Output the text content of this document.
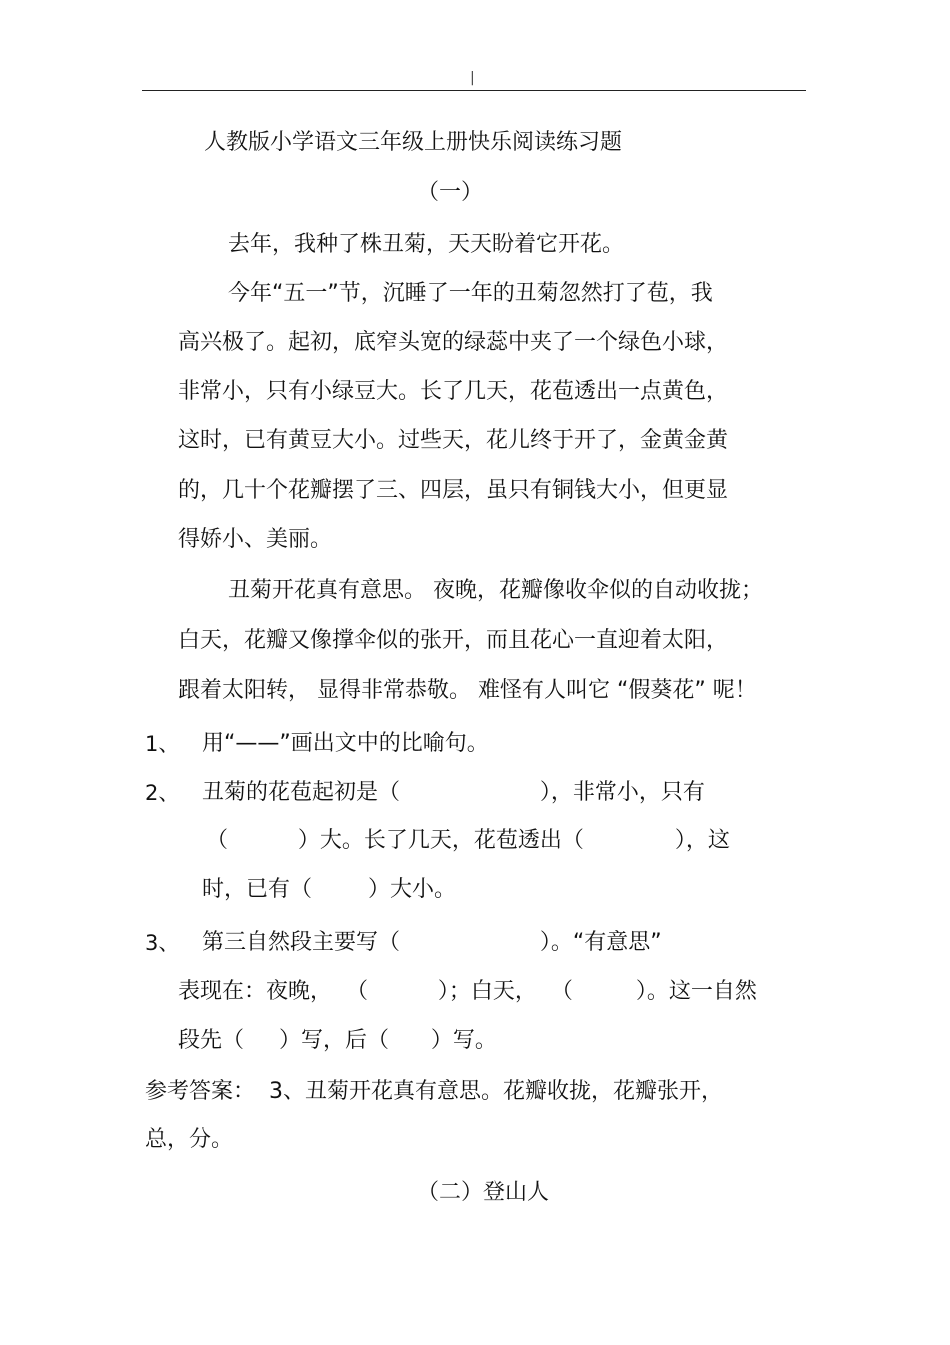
|
人教版小学语文三年级上册快乐阅读练习题
（一）
去年，我种了株丑菊，天天盼着它开花。
今年“五一”节，沉睡了一年的丑菊忽然打了苞，我
高兴极了。起初，底窄头宽的绿蕊中夹了一个绿色小球，
非常小，只有小绿豆大。长了几天，花苞透出一点黄色，
这时，已有黄豆大小。过些天，花儿终于开了，金黄金黄
的，几十个花瓣摆了三、四层，虽只有铜钱大小，但更显
得娇小、美丽。
丑菊开花真有意思。 夜晚，花瓣像收伞似的自动收拢；
白天，花瓣又像撑伞似的张开，而且花心一直迎着太阳，
跟着太阳转， 显得非常恭敬。 难怪有人叫它 “假葵花” 呢！
1、 用“——”画出文中的比喻句。
2、 丑菊的花苞起初是（                    ），非常小，只有
（          ）大。长了几天，花苞透出（             ），这
时，已有（        ）大小。
3、 第三自然段主要写（                    ）。“有意思”
表现在：夜晚，  （          ）；白天，  （         ）。这一自然
段先（     ）写，后（      ）写。
参考答案：  3、丑菊开花真有意思。花瓣收拢，花瓣张开，
总，分。
（二）登山人
